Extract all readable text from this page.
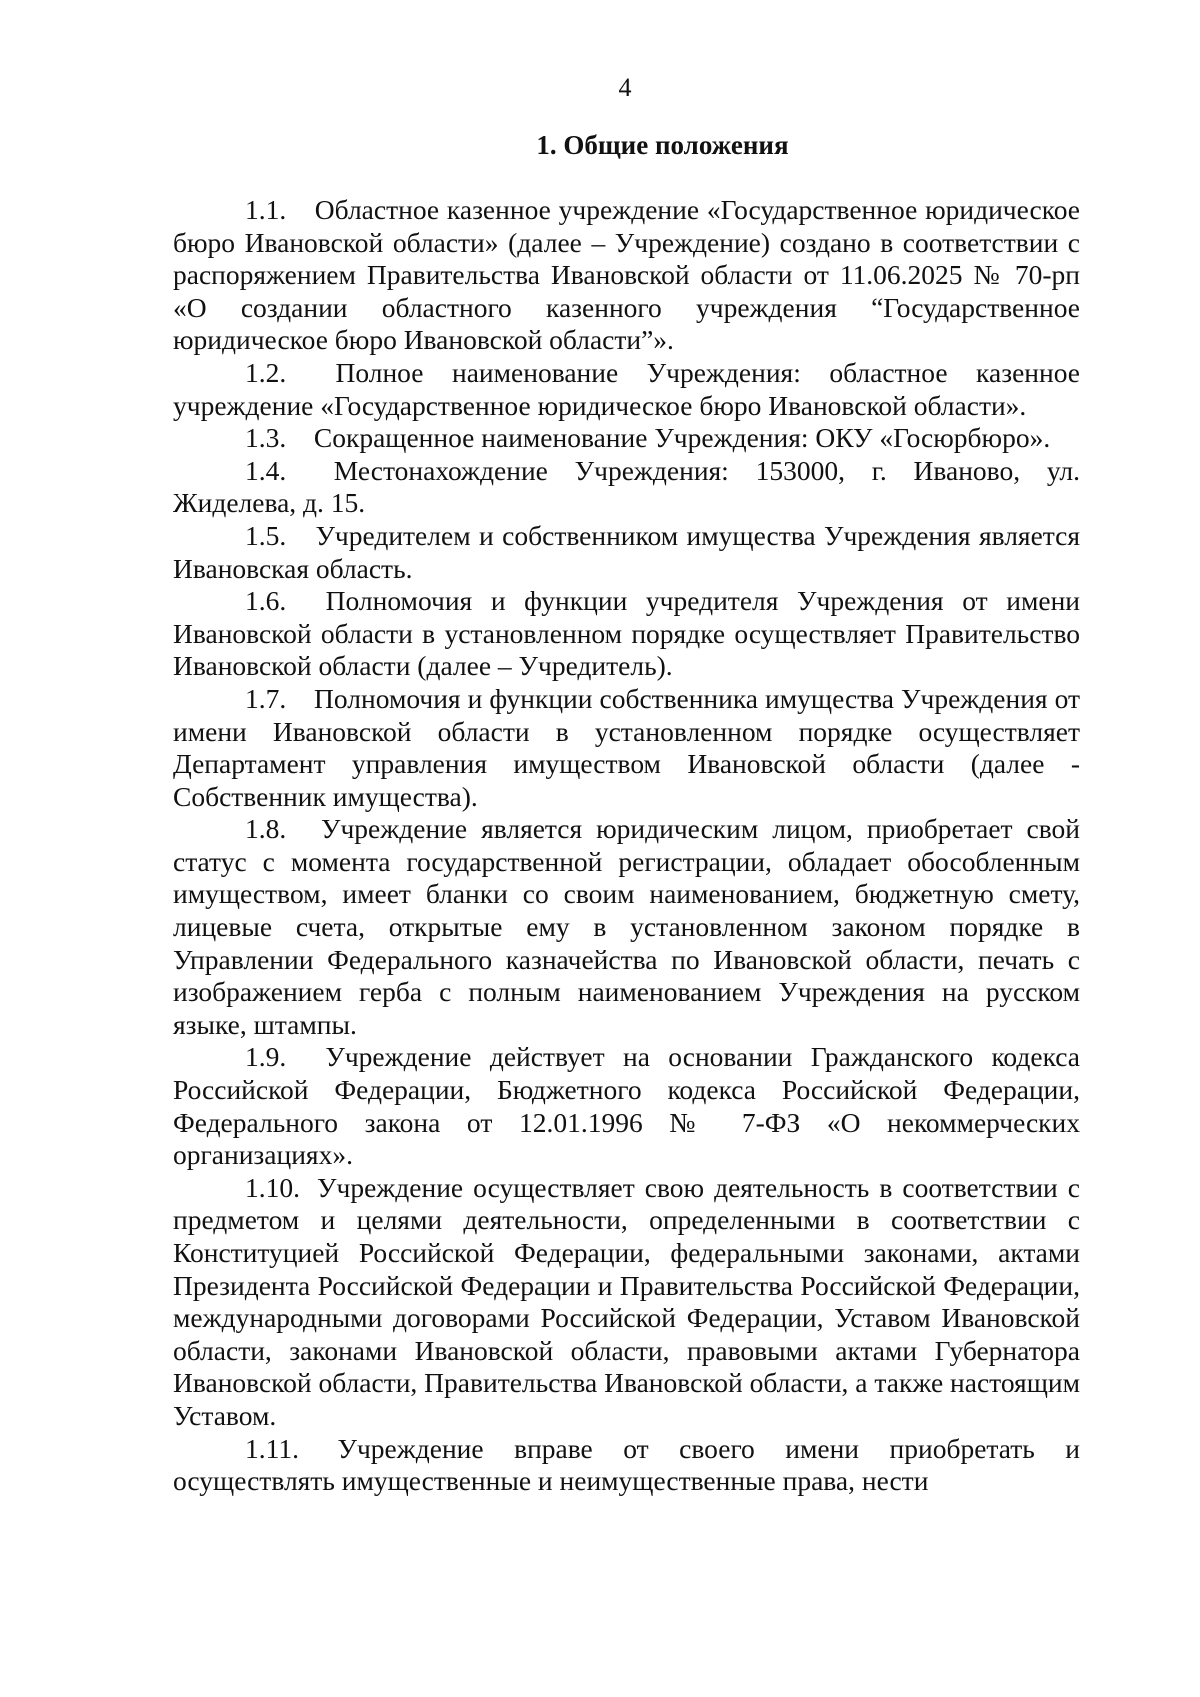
4
1. Общие положения

1.1. Областное казенное учреждение «Государственное юридическое бюро Ивановской области» (далее – Учреждение) создано в соответствии с распоряжением Правительства Ивановской области от 11.06.2025 № 70-рп «О создании областного казенного учреждения “Государственное юридическое бюро Ивановской области”».

1.2. Полное наименование Учреждения: областное казенное учреждение «Государственное юридическое бюро Ивановской области».

1.3. Сокращенное наименование Учреждения: ОКУ «Госюрбюро».

1.4. Местонахождение Учреждения: 153000, г. Иваново, ул. Жиделева, д. 15.

1.5. Учредителем и собственником имущества Учреждения является Ивановская область.

1.6. Полномочия и функции учредителя Учреждения от имени Ивановской области в установленном порядке осуществляет Правительство Ивановской области (далее – Учредитель).

1.7. Полномочия и функции собственника имущества Учреждения от имени Ивановской области в установленном порядке осуществляет Департамент управления имуществом Ивановской области (далее - Собственник имущества).

1.8. Учреждение является юридическим лицом, приобретает свой статус с момента государственной регистрации, обладает обособленным имуществом, имеет бланки со своим наименованием, бюджетную смету, лицевые счета, открытые ему в установленном законом порядке в Управлении Федерального казначейства по Ивановской области, печать с изображением герба с полным наименованием Учреждения на русском языке, штампы.

1.9. Учреждение действует на основании Гражданского кодекса Российской Федерации, Бюджетного кодекса Российской Федерации, Федерального закона от 12.01.1996 № 7-ФЗ «О некоммерческих организациях».

1.10. Учреждение осуществляет свою деятельность в соответствии с предметом и целями деятельности, определенными в соответствии с Конституцией Российской Федерации, федеральными законами, актами Президента Российской Федерации и Правительства Российской Федерации, международными договорами Российской Федерации, Уставом Ивановской области, законами Ивановской области, правовыми актами Губернатора Ивановской области, Правительства Ивановской области, а также настоящим Уставом.

1.11. Учреждение вправе от своего имени приобретать и осуществлять имущественные и неимущественные права, нести
